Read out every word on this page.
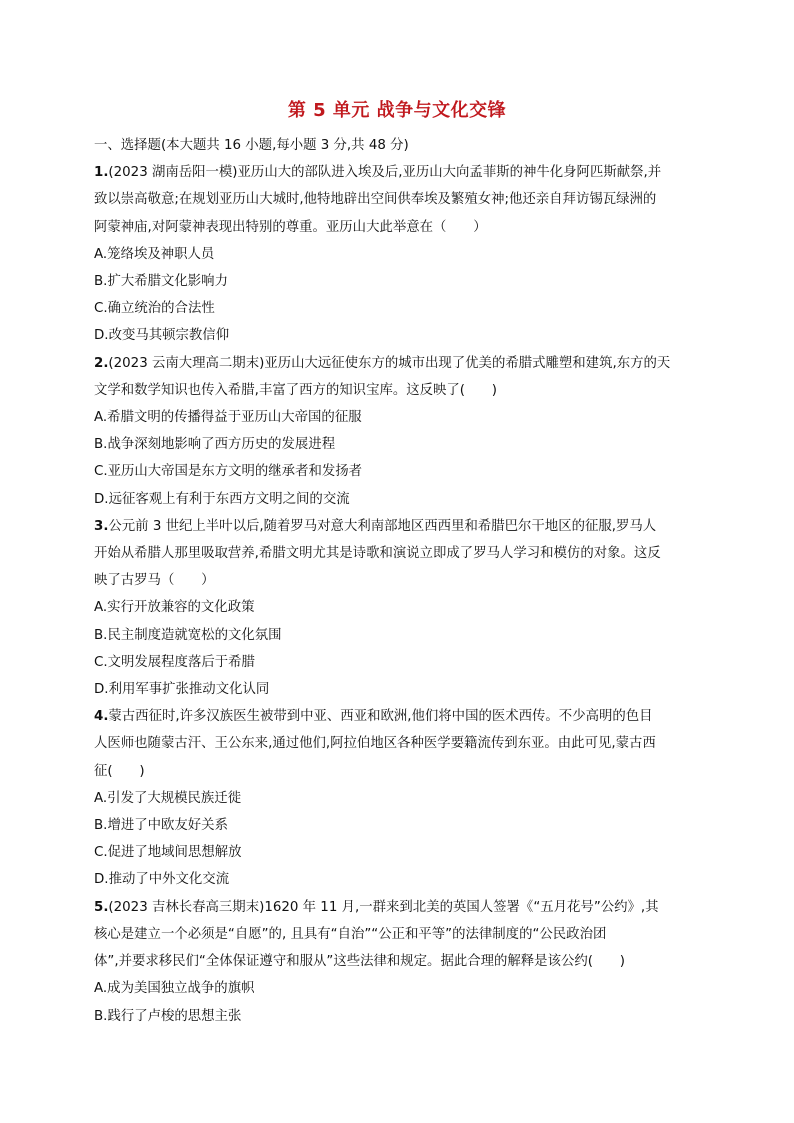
第 5 单元 战争与文化交锋
一、选择题(本大题共 16 小题,每小题 3 分,共 48 分)
1.(2023 湖南岳阳一模)亚历山大的部队进入埃及后,亚历山大向孟菲斯的神牛化身阿匹斯献祭,并
致以崇高敬意;在规划亚历山大城时,他特地辟出空间供奉埃及繁殖女神;他还亲自拜访锡瓦绿洲的
阿蒙神庙,对阿蒙神表现出特别的尊重。亚历山大此举意在（　　）
A.笼络埃及神职人员
B.扩大希腊文化影响力
C.确立统治的合法性
D.改变马其顿宗教信仰
2.(2023 云南大理高二期末)亚历山大远征使东方的城市出现了优美的希腊式雕塑和建筑,东方的天
文学和数学知识也传入希腊,丰富了西方的知识宝库。这反映了(　　)
A.希腊文明的传播得益于亚历山大帝国的征服
B.战争深刻地影响了西方历史的发展进程
C.亚历山大帝国是东方文明的继承者和发扬者
D.远征客观上有利于东西方文明之间的交流
3.公元前 3 世纪上半叶以后,随着罗马对意大利南部地区西西里和希腊巴尔干地区的征服,罗马人
开始从希腊人那里吸取营养,希腊文明尤其是诗歌和演说立即成了罗马人学习和模仿的对象。这反
映了古罗马（　　）
A.实行开放兼容的文化政策
B.民主制度造就宽松的文化氛围
C.文明发展程度落后于希腊
D.利用军事扩张推动文化认同
4.蒙古西征时,许多汉族医生被带到中亚、西亚和欧洲,他们将中国的医术西传。不少高明的色目
人医师也随蒙古汗、王公东来,通过他们,阿拉伯地区各种医学要籍流传到东亚。由此可见,蒙古西
征(　　)
A.引发了大规模民族迁徙
B.增进了中欧友好关系
C.促进了地域间思想解放
D.推动了中外文化交流
5.(2023 吉林长春高三期末)1620 年 11 月,一群来到北美的英国人签署《“五月花号”公约》,其
核心是建立一个必须是“自愿”的, 且具有“自治”“公正和平等”的法律制度的“公民政治团
体”,并要求移民们“全体保证遵守和服从”这些法律和规定。据此合理的解释是该公约(　　)
A.成为美国独立战争的旗帜
B.践行了卢梭的思想主张
